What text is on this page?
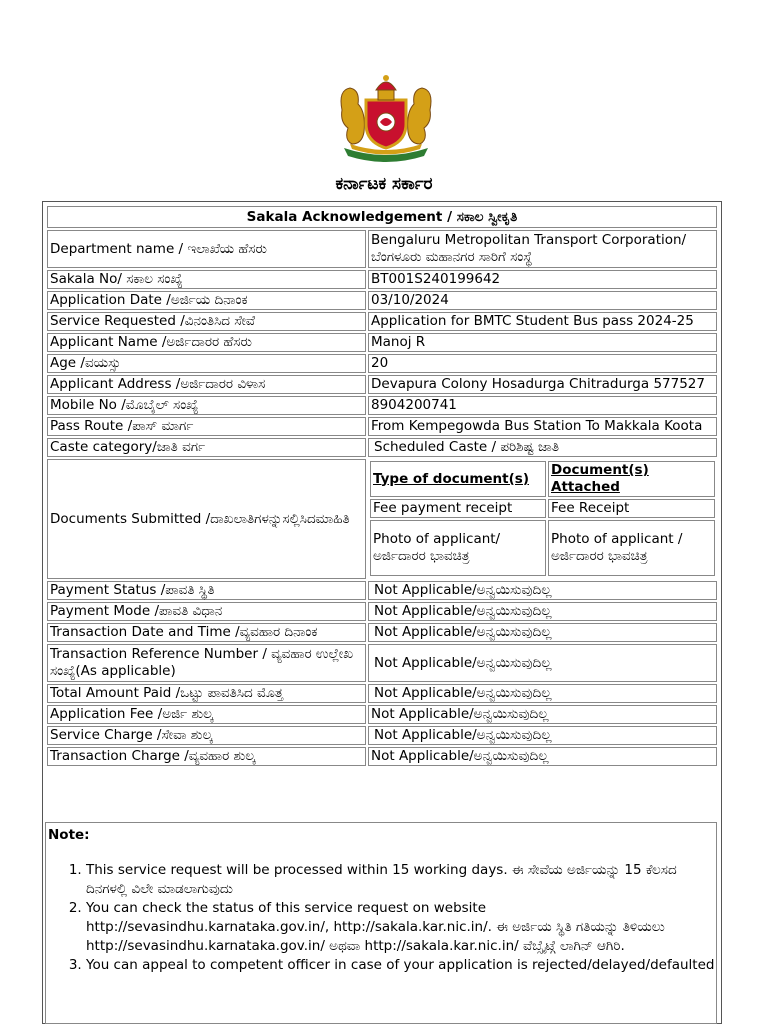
ಕರ್ನಾಟಕ ಸರ್ಕಾರ
Sakala Acknowledgement / ಸಕಾಲ ಸ್ವೀಕೃತಿ
Department name / ಇಲಾಖೆಯ ಹೆಸರು	Bengaluru Metropolitan Transport Corporation/ಬೆಂಗಳೂರು ಮಹಾನಗರ ಸಾರಿಗೆ ಸಂಸ್ಥೆ
Sakala No/ ಸಕಾಲ ಸಂಖ್ಯೆ	BT001S240199642
Application Date /ಅರ್ಜಿಯ ದಿನಾಂಕ	03/10/2024
Service Requested /ವಿನಂತಿಸಿದ ಸೇವೆ	Application for BMTC Student Bus pass 2024-25
Applicant Name /ಅರ್ಜಿದಾರರ ಹೆಸರು	Manoj R
Age /ವಯಸ್ಸು	20
Applicant Address /ಅರ್ಜಿದಾರರ ವಿಳಾಸ	Devapura Colony Hosadurga Chitradurga 577527
Mobile No /ಮೊಬೈಲ್ ಸಂಖ್ಯೆ	8904200741
Pass Route /ಪಾಸ್ ಮಾರ್ಗ	From Kempegowda Bus Station To Makkala Koota
Caste category/ಜಾತಿ ವರ್ಗ	Scheduled Caste / ಪರಿಶಿಷ್ಟ ಜಾತಿ
Documents Submitted /ದಾಖಲಾತಿಗಳನ್ನುಸಲ್ಲಿಸಿದಮಾಹಿತಿ	
Type of document(s)	Document(s) Attached
Fee payment receipt	Fee Receipt
Photo of applicant/ಅರ್ಜಿದಾರರ ಭಾವಚಿತ್ರ	Photo of applicant / ಅರ್ಜಿದಾರರ ಭಾವಚಿತ್ರ

Payment Status /ಪಾವತಿ ಸ್ಥಿತಿ	Not Applicable/ಅನ್ವಯಿಸುವುದಿಲ್ಲ
Payment Mode /ಪಾವತಿ ವಿಧಾನ	Not Applicable/ಅನ್ವಯಿಸುವುದಿಲ್ಲ
Transaction Date and Time /ವ್ಯವಹಾರ ದಿನಾಂಕ	Not Applicable/ಅನ್ವಯಿಸುವುದಿಲ್ಲ
Transaction Reference Number / ವ್ಯವಹಾರ ಉಲ್ಲೇಖ ಸಂಖ್ಯೆ(As applicable)	Not Applicable/ಅನ್ವಯಿಸುವುದಿಲ್ಲ
Total Amount Paid /ಒಟ್ಟು ಪಾವತಿಸಿದ ಮೊತ್ತ	Not Applicable/ಅನ್ವಯಿಸುವುದಿಲ್ಲ
Application Fee /ಅರ್ಜಿ ಶುಲ್ಕ	Not Applicable/ಅನ್ವಯಿಸುವುದಿಲ್ಲ
Service Charge /ಸೇವಾ ಶುಲ್ಕ	Not Applicable/ಅನ್ವಯಿಸುವುದಿಲ್ಲ
Transaction Charge /ವ್ಯವಹಾರ ಶುಲ್ಕ	Not Applicable/ಅನ್ವಯಿಸುವುದಿಲ್ಲ
Note:
1. This service request will be processed within 15 working days. ಈ ಸೇವೆಯ ಅರ್ಜಿಯನ್ನು 15 ಕೆಲಸದ ದಿನಗಳಲ್ಲಿ ವಿಲೇ ಮಾಡಲಾಗುವುದು
2. You can check the status of this service request on website http://sevasindhu.karnataka.gov.in/, http://sakala.kar.nic.in/. ಈ ಅರ್ಜಿಯ ಸ್ಥಿತಿ ಗತಿಯನ್ನು ತಿಳಿಯಲು http://sevasindhu.karnataka.gov.in/ ಅಥವಾ http://sakala.kar.nic.in/ ವೆಬ್ಸೈಟ್ಗೆ ಲಾಗಿನ್ ಆಗಿರಿ.
3. You can appeal to competent officer in case of your application is rejected/delayed/defaulted
